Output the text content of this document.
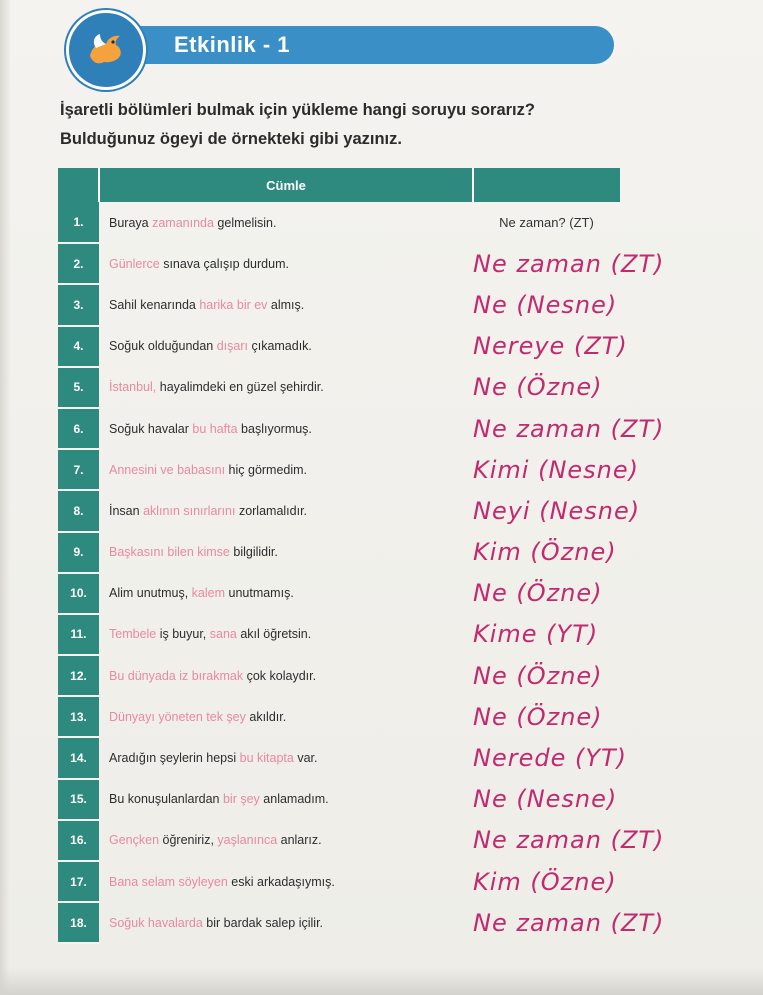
Etkinlik - 1

İşaretli bölümleri bulmak için yükleme hangi soruyu sorarız? Bulduğunuz ögeyi de örnekteki gibi yazınız.

	Cümle	
1.	Buraya zamanında gelmelisin.	Ne zaman? (ZT)
2.	Günlerce sınava çalışıp durdum.	Ne zaman (ZT)
3.	Sahil kenarında harika bir ev almış.	Ne (Nesne)
4.	Soğuk olduğundan dışarı çıkamadık.	Nereye (ZT)
5.	İstanbul, hayalimdeki en güzel şehirdir.	Ne (Özne)
6.	Soğuk havalar bu hafta başlıyormuş.	Ne zaman (ZT)
7.	Annesini ve babasını hiç görmedim.	Kimi (Nesne)
8.	İnsan aklının sınırlarını zorlamalıdır.	Neyi (Nesne)
9.	Başkasını bilen kimse bilgilidir.	Kim (Özne)
10.	Alim unutmuş, kalem unutmamış.	Ne (Özne)
11.	Tembele iş buyur, sana akıl öğretsin.	Kime (YT)
12.	Bu dünyada iz bırakmak çok kolaydır.	Ne (Özne)
13.	Dünyayı yöneten tek şey akıldır.	Ne (Özne)
14.	Aradığın şeylerin hepsi bu kitapta var.	Nerede (YT)
15.	Bu konuşulanlardan bir şey anlamadım.	Ne (Nesne)
16.	Gençken öğreniriz, yaşlanınca anlarız.	Ne zaman (ZT)
17.	Bana selam söyleyen eski arkadaşıymış.	Kim (Özne)
18.	Soğuk havalarda bir bardak salep içilir.	Ne zaman (ZT)
